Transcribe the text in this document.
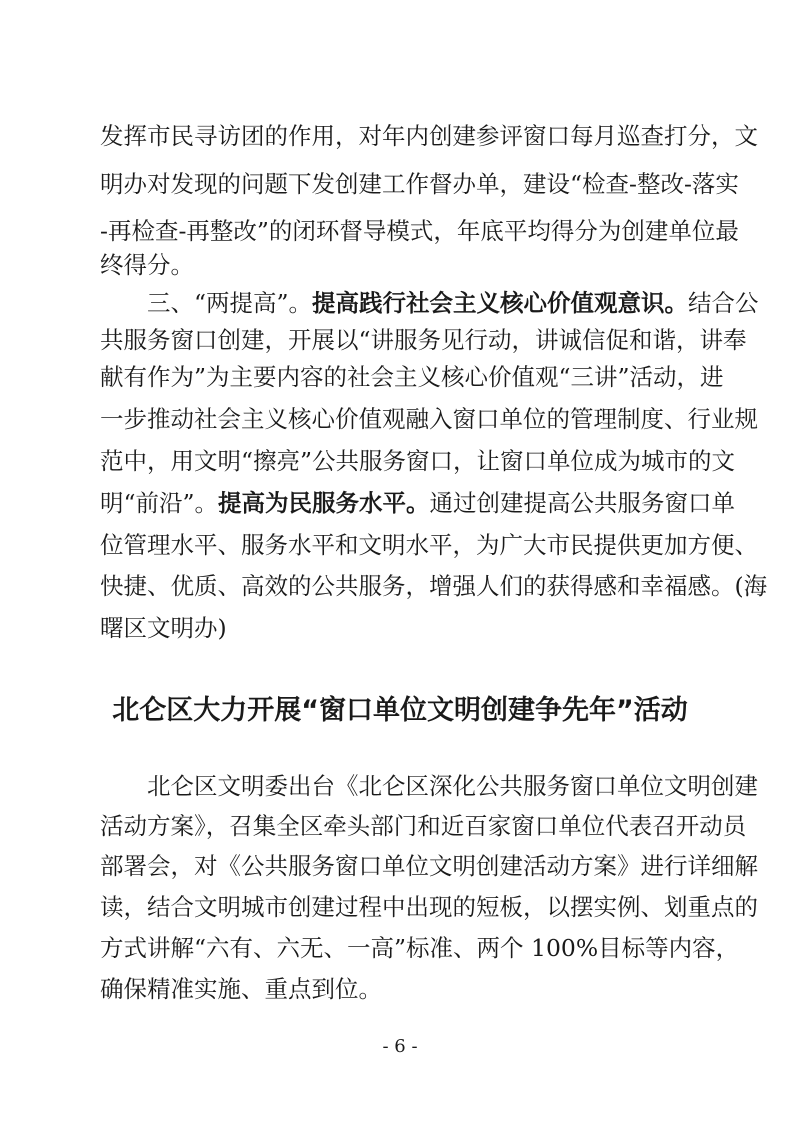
发挥市民寻访团的作用，对年内创建参评窗口每月巡查打分，文
明办对发现的问题下发创建工作督办单，建设“检查-整改-落实
-再检查-再整改”的闭环督导模式，年底平均得分为创建单位最
终得分。
三、“两提高”。提高践行社会主义核心价值观意识。结合公
共服务窗口创建，开展以“讲服务见行动，讲诚信促和谐，讲奉
献有作为”为主要内容的社会主义核心价值观“三讲”活动，进
一步推动社会主义核心价值观融入窗口单位的管理制度、行业规
范中，用文明“擦亮”公共服务窗口，让窗口单位成为城市的文
明“前沿”。提高为民服务水平。通过创建提高公共服务窗口单
位管理水平、服务水平和文明水平，为广大市民提供更加方便、
快捷、优质、高效的公共服务，增强人们的获得感和幸福感。(海
曙区文明办)
北仑区大力开展“窗口单位文明创建争先年”活动
北仑区文明委出台《北仑区深化公共服务窗口单位文明创建
活动方案》，召集全区牵头部门和近百家窗口单位代表召开动员
部署会，对《公共服务窗口单位文明创建活动方案》进行详细解
读，结合文明城市创建过程中出现的短板，以摆实例、划重点的
方式讲解“六有、六无、一高”标准、两个 100%目标等内容，
确保精准实施、重点到位。
- 6 -
